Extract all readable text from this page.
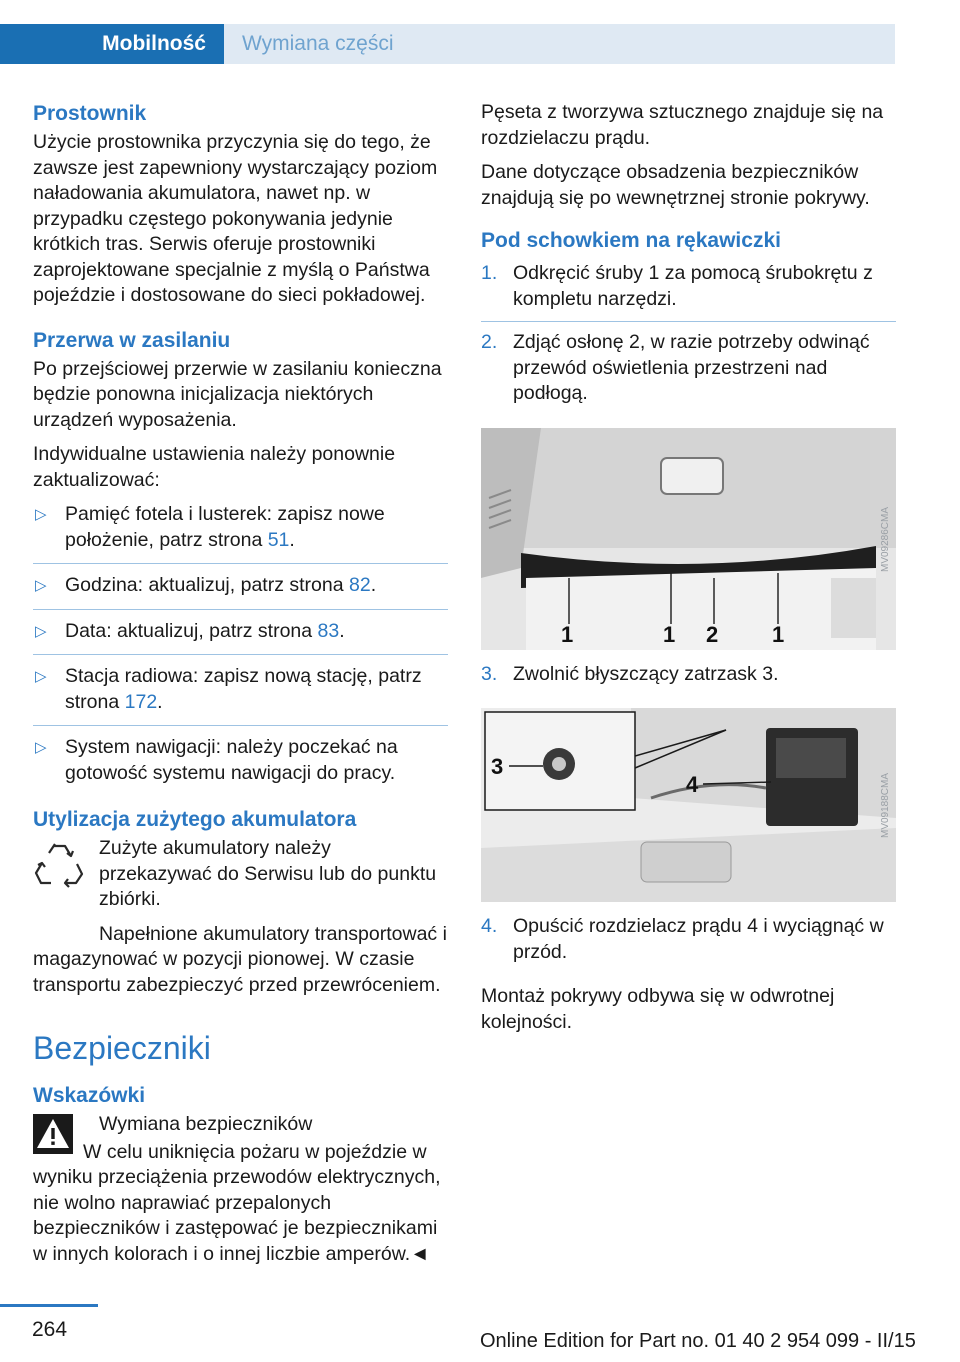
Mobilność	Wymiana części
Prostownik

Użycie prostownika przyczynia się do tego, że zawsze jest zapewniony wystarczający poziom naładowania akumulatora, nawet np. w przypadku częstego pokonywania jedynie krótkich tras. Serwis oferuje prostowniki zaprojektowane specjalnie z myślą o Państwa pojeździe i dostosowane do sieci pokładowej.

Przerwa w zasilaniu

Po przejściowej przerwie w zasilaniu konieczna będzie ponowna inicjalizacja niektórych urządzeń wyposażenia.

Indywidualne ustawienia należy ponownie zaktualizować:

▷ Pamięć fotela i lusterek: zapisz nowe położenie, patrz strona 51.
▷ Godzina: aktualizuj, patrz strona 82.
▷ Data: aktualizuj, patrz strona 83.
▷ Stacja radiowa: zapisz nową stację, patrz strona 172.
▷ System nawigacji: należy poczekać na gotowość systemu nawigacji do pracy.
Utylizacja zużytego akumulatora

Zużyte akumulatory należy przekazywać do Serwisu lub do punktu zbiórki.

Napełnione akumulatory transportować i magazynować w pozycji pionowej. W czasie transportu zabezpieczyć przed przewróceniem.

Bezpieczniki
Wskazówki

Wymiana bezpieczników

W celu uniknięcia pożaru w pojeździe w wyniku przeciążenia przewodów elektrycznych, nie wolno naprawiać przepalonych bezpieczników i zastępować je bezpiecznikami w innych kolorach i o innej liczbie amperów.◄

Pęseta z tworzywa sztucznego znajduje się na rozdzielaczu prądu.

Dane dotyczące obsadzenia bezpieczników znajdują się po wewnętrznej stronie pokrywy.

Pod schowkiem na rękawiczki
1. Odkręcić śruby 1 za pomocą śrubokrętu z kompletu narzędzi.
2. Zdjąć osłonę 2, w razie potrzeby odwinąć przewód oświetlenia przestrzeni nad podłogą.
1	1 2 1
MV09286CMA
3. Zwolnić błyszczący zatrzask 3.
3
4	MV09188CMA
4. Opuścić rozdzielacz prądu 4 i wyciągnąć w przód.

Montaż pokrywy odbywa się w odwrotnej kolejności.

264	Online Edition for Part no. 01 40 2 954 099 - II/15
